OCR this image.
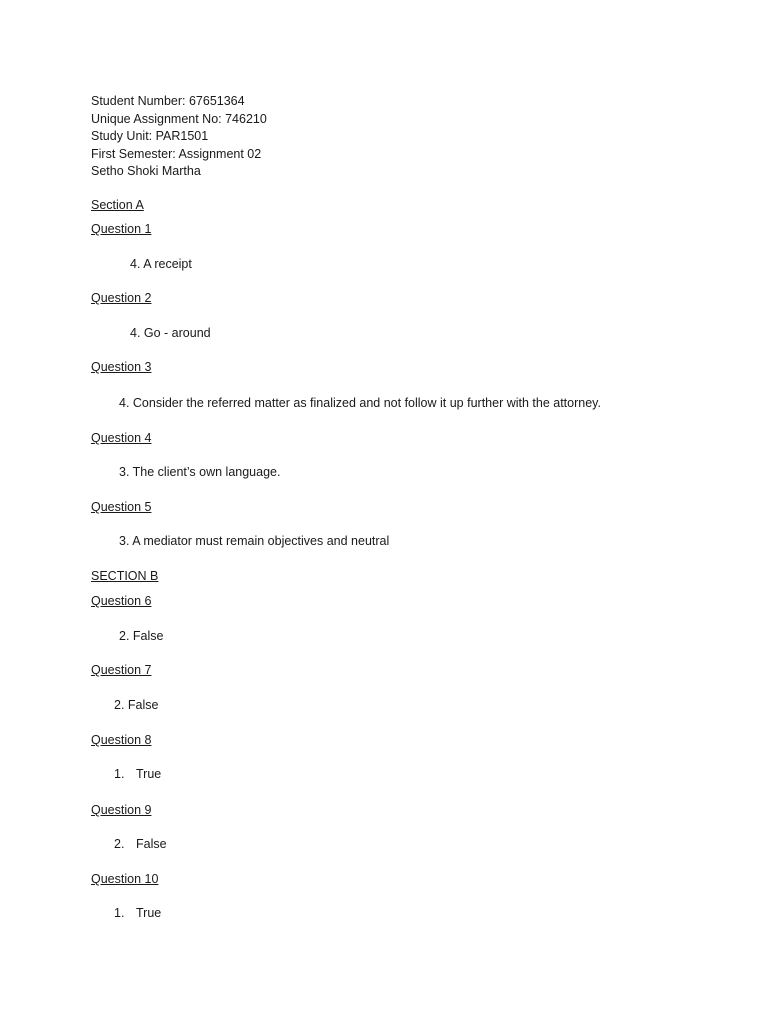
Student Number: 67651364
Unique Assignment No: 746210
Study Unit: PAR1501
First Semester: Assignment 02
Setho Shoki Martha
Section A
Question 1
4. A receipt
Question 2
4. Go - around
Question 3
4. Consider the referred matter as finalized and not follow it up further with the attorney.
Question 4
3. The client’s own language.
Question 5
3. A mediator must remain objectives and neutral
SECTION B
Question 6
2. False
Question 7
2. False
Question 8
1. True
Question 9
2. False
Question 10
1. True
